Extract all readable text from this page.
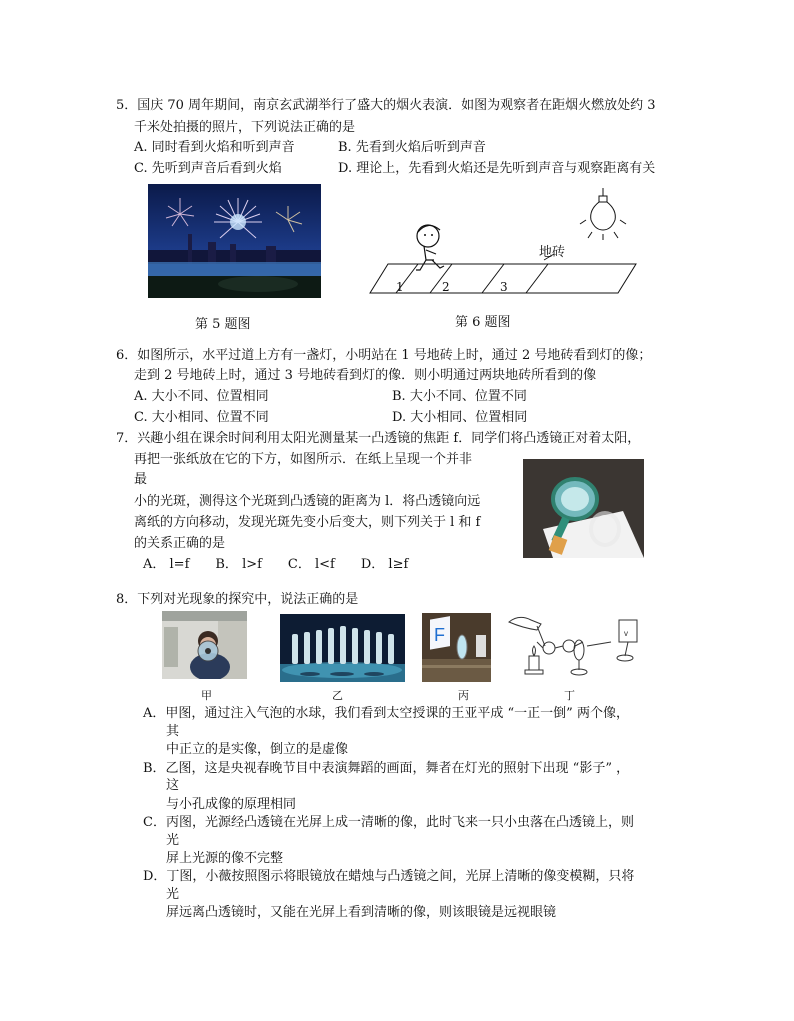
5．国庆 70 周年期间，南京玄武湖举行了盛大的烟火表演．如图为观察者在距烟火燃放处约 3
千米处拍摄的照片，下列说法正确的是
A. 同时看到火焰和听到声音	B. 先看到火焰后听到声音
C. 先听到声音后看到火焰	D. 理论上，先看到火焰还是先听到声音与观察距离有关
第 5 题图
地砖
1	2	3
第 6 题图
6．如图所示，水平过道上方有一盏灯，小明站在 1 号地砖上时，通过 2 号地砖看到灯的像；
走到 2 号地砖上时，通过 3 号地砖看到灯的像．则小明通过两块地砖所看到的像
A. 大小不同、位置相同	B. 大小不同、位置不同
C. 大小相同、位置不同	D. 大小相同、位置相同
7．兴趣小组在课余时间利用太阳光测量某一凸透镜的焦距 f．同学们将凸透镜正对着太阳，
再把一张纸放在它的下方，如图所示．在纸上呈现一个并非
最
小的光斑，测得这个光斑到凸透镜的距离为 l．将凸透镜向远
离纸的方向移动，发现光斑先变小后变大，则下列关于 l 和 f
的关系正确的是
A． l=f　　B． l>f　　C． l<f　　D． l≥f
8．下列对光现象的探究中，说法正确的是
F	v
甲	乙	丙	丁
A．甲图，通过注入气泡的水球，我们看到太空授课的王亚平成 “一正一倒” 两个像，
其
中正立的是实像，倒立的是虚像
B．乙图，这是央视春晚节目中表演舞蹈的画面，舞者在灯光的照射下出现 “影子” ，
这
与小孔成像的原理相同
C．丙图，光源经凸透镜在光屏上成一清晰的像，此时飞来一只小虫落在凸透镜上，则
光
屏上光源的像不完整
D．丁图，小薇按照图示将眼镜放在蜡烛与凸透镜之间，光屏上清晰的像变模糊，只将
光
屏远离凸透镜时，又能在光屏上看到清晰的像，则该眼镜是远视眼镜
